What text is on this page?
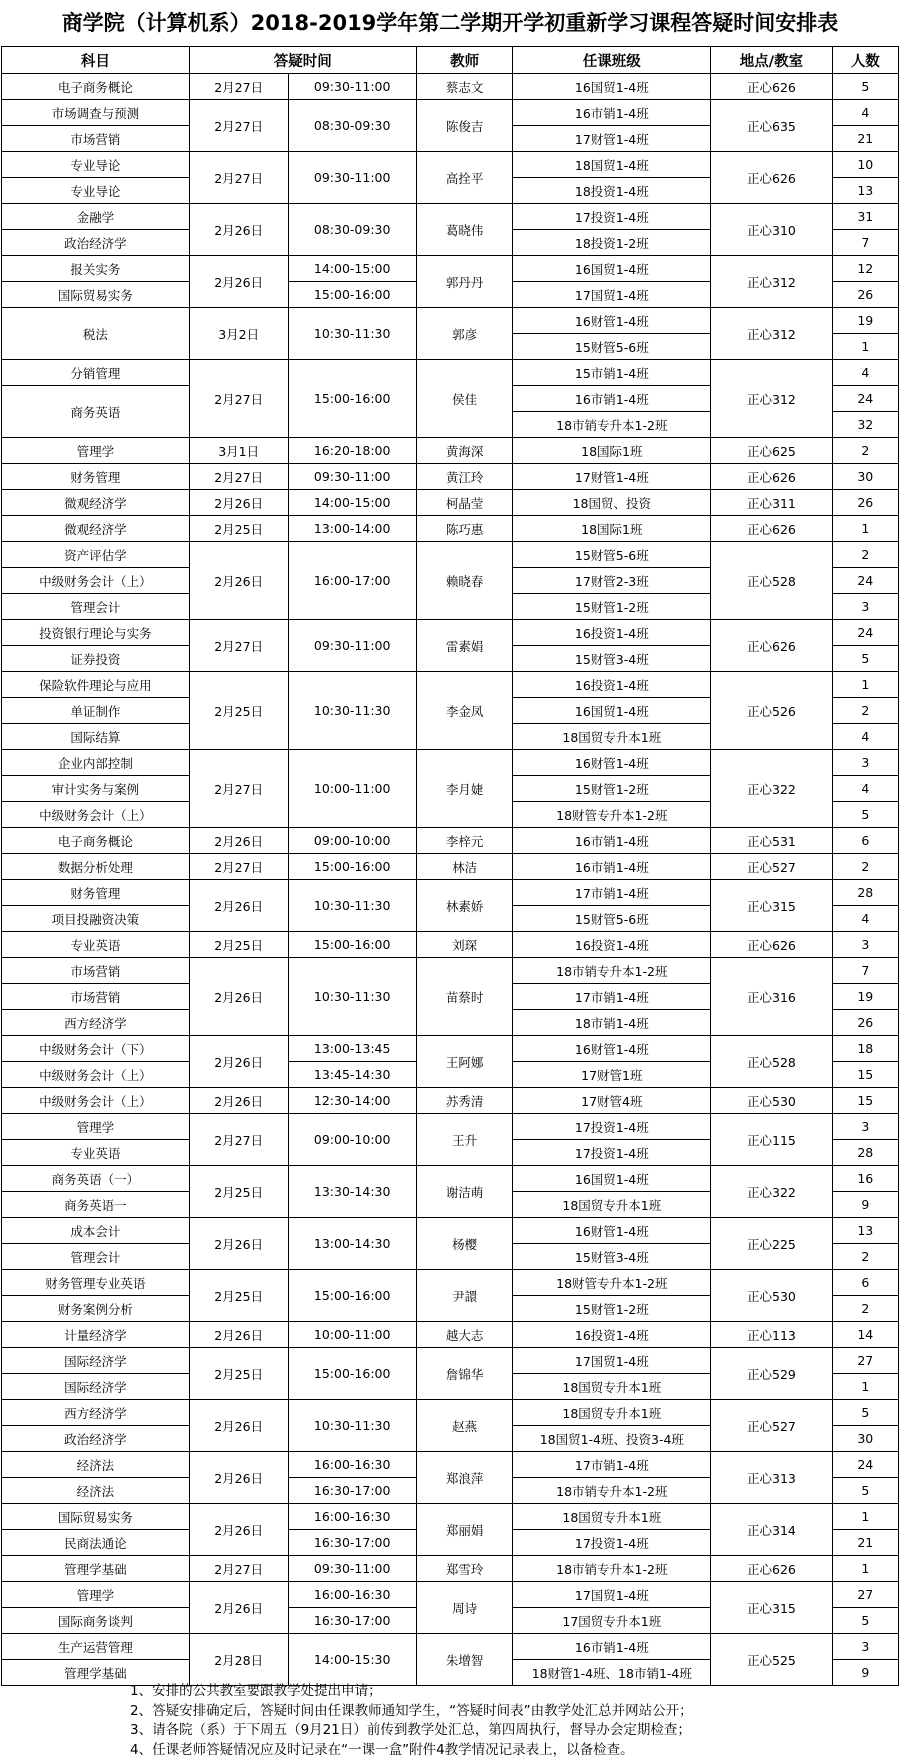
商学院（计算机系）2018-2019学年第二学期开学初重新学习课程答疑时间安排表
科目	答疑时间		教师	任课班级	地点/教室	人数
电子商务概论	2月27日	09:30-11:00	蔡志文	16国贸1-4班	正心626	5
市场调查与预测	2月27日	08:30-09:30	陈俊吉	16市销1-4班	正心635	4
市场营销				17财管1-4班		21
专业导论	2月27日	09:30-11:00	高拴平	18国贸1-4班	正心626	10
专业导论				18投资1-4班		13
金融学	2月26日	08:30-09:30	葛晓伟	17投资1-4班	正心310	31
政治经济学				18投资1-2班		7
报关实务	2月26日	14:00-15:00	郭丹丹	16国贸1-4班	正心312	12
国际贸易实务		15:00-16:00		17国贸1-4班		26
税法	3月2日	10:30-11:30	郭彦	16财管1-4班	正心312	19
				15财管5-6班		1
分销管理	2月27日	15:00-16:00	侯佳	15市销1-4班	正心312	4
商务英语				16市销1-4班		24
				18市销专升本1-2班		32
管理学	3月1日	16:20-18:00	黄海深	18国际1班	正心625	2
财务管理	2月27日	09:30-11:00	黄江玲	17财管1-4班	正心626	30
微观经济学	2月26日	14:00-15:00	柯晶莹	18国贸、投资	正心311	26
微观经济学	2月25日	13:00-14:00	陈巧惠	18国际1班	正心626	1
资产评估学	2月26日	16:00-17:00	赖晓春	15财管5-6班	正心528	2
中级财务会计（上）				17财管2-3班		24
管理会计				15财管1-2班		3
投资银行理论与实务	2月27日	09:30-11:00	雷素娟	16投资1-4班	正心626	24
证券投资				15财管3-4班		5
保险软件理论与应用	2月25日	10:30-11:30	李金凤	16投资1-4班	正心526	1
单证制作				16国贸1-4班		2
国际结算				18国贸专升本1班		4
企业内部控制	2月27日	10:00-11:00	李月婕	16财管1-4班	正心322	3
审计实务与案例				15财管1-2班		4
中级财务会计（上）				18财管专升本1-2班		5
电子商务概论	2月26日	09:00-10:00	李梓元	16市销1-4班	正心531	6
数据分析处理	2月27日	15:00-16:00	林洁	16市销1-4班	正心527	2
财务管理	2月26日	10:30-11:30	林素娇	17市销1-4班	正心315	28
项目投融资决策				15财管5-6班		4
专业英语	2月25日	15:00-16:00	刘琛	16投资1-4班	正心626	3
市场营销	2月26日	10:30-11:30	苗蔡时	18市销专升本1-2班	正心316	7
市场营销				17市销1-4班		19
西方经济学				18市销1-4班		26
中级财务会计（下）	2月26日	13:00-13:45	王阿娜	16财管1-4班	正心528	18
中级财务会计（上）		13:45-14:30		17财管1班		15
中级财务会计（上）	2月26日	12:30-14:00	苏秀清	17财管4班	正心530	15
管理学	2月27日	09:00-10:00	王升	17投资1-4班	正心115	3
专业英语				17投资1-4班		28
商务英语（一）	2月25日	13:30-14:30	谢洁萌	16国贸1-4班	正心322	16
商务英语一				18国贸专升本1班		9
成本会计	2月26日	13:00-14:30	杨樱	16财管1-4班	正心225	13
管理会计				15财管3-4班		2
财务管理专业英语	2月25日	15:00-16:00	尹譞	18财管专升本1-2班	正心530	6
财务案例分析				15财管1-2班		2
计量经济学	2月26日	10:00-11:00	越大志	16投资1-4班	正心113	14
国际经济学	2月25日	15:00-16:00	詹锦华	17国贸1-4班	正心529	27
国际经济学				18国贸专升本1班		1
西方经济学	2月26日	10:30-11:30	赵燕	18国贸专升本1班	正心527	5
政治经济学				18国贸1-4班、投资3-4班		30
经济法	2月26日	16:00-16:30	郑浪萍	17市销1-4班	正心313	24
经济法		16:30-17:00		18市销专升本1-2班		5
国际贸易实务	2月26日	16:00-16:30	郑丽娟	18国贸专升本1班	正心314	1
民商法通论		16:30-17:00		17投资1-4班		21
管理学基础	2月27日	09:30-11:00	郑雪玲	18市销专升本1-2班	正心626	1
管理学	2月26日	16:00-16:30	周诗	17国贸1-4班	正心315	27
国际商务谈判		16:30-17:00		17国贸专升本1班		5
生产运营管理	2月28日	14:00-15:30	朱增智	16市销1-4班	正心525	3
管理学基础				18财管1-4班、18市销1-4班		9
1、安排的公共教室要跟教学处提出申请；
2、答疑安排确定后，答疑时间由任课教师通知学生，“答疑时间表”由教学处汇总并网站公开；
3、请各院（系）于下周五（9月21日）前传到教学处汇总，第四周执行，督导办会定期检查；
4、任课老师答疑情况应及时记录在“一课一盒”附件4教学情况记录表上，以备检查。
